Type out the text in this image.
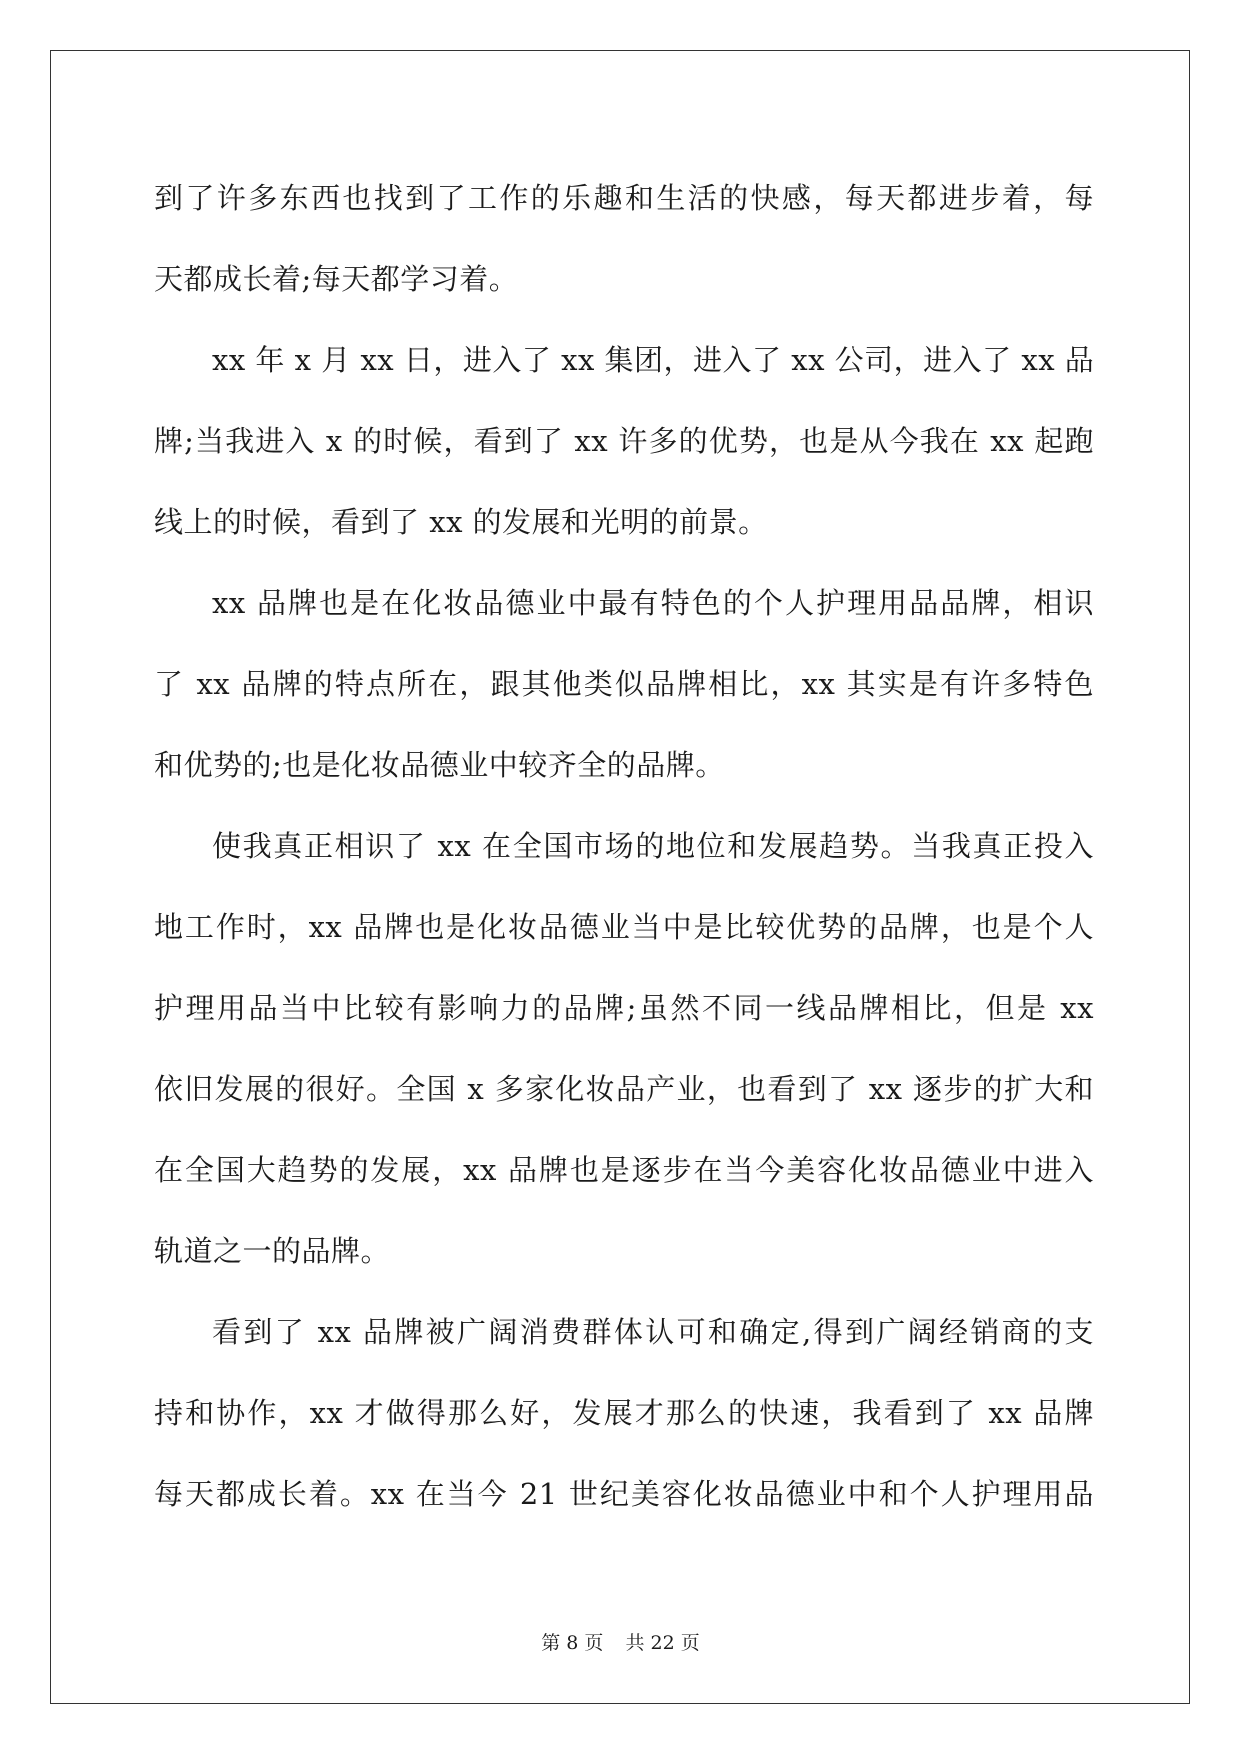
到了许多东西也找到了工作的乐趣和生活的快感，每天都进步着，每
天都成长着;每天都学习着。
xx 年 x 月 xx 日，进入了 xx 集团，进入了 xx 公司，进入了 xx 品
牌;当我进入 x 的时候，看到了 xx 许多的优势，也是从今我在 xx 起跑
线上的时候，看到了 xx 的发展和光明的前景。
xx 品牌也是在化妆品德业中最有特色的个人护理用品品牌，相识
了 xx 品牌的特点所在，跟其他类似品牌相比，xx 其实是有许多特色
和优势的;也是化妆品德业中较齐全的品牌。
使我真正相识了 xx 在全国市场的地位和发展趋势。当我真正投入
地工作时，xx 品牌也是化妆品德业当中是比较优势的品牌，也是个人
护理用品当中比较有影响力的品牌;虽然不同一线品牌相比，但是 xx
依旧发展的很好。全国 x 多家化妆品产业，也看到了 xx 逐步的扩大和
在全国大趋势的发展，xx 品牌也是逐步在当今美容化妆品德业中进入
轨道之一的品牌。
看到了 xx 品牌被广阔消费群体认可和确定,得到广阔经销商的支
持和协作，xx 才做得那么好，发展才那么的快速，我看到了 xx 品牌
每天都成长着。xx 在当今 21 世纪美容化妆品德业中和个人护理用品
第 8 页 共 22 页
